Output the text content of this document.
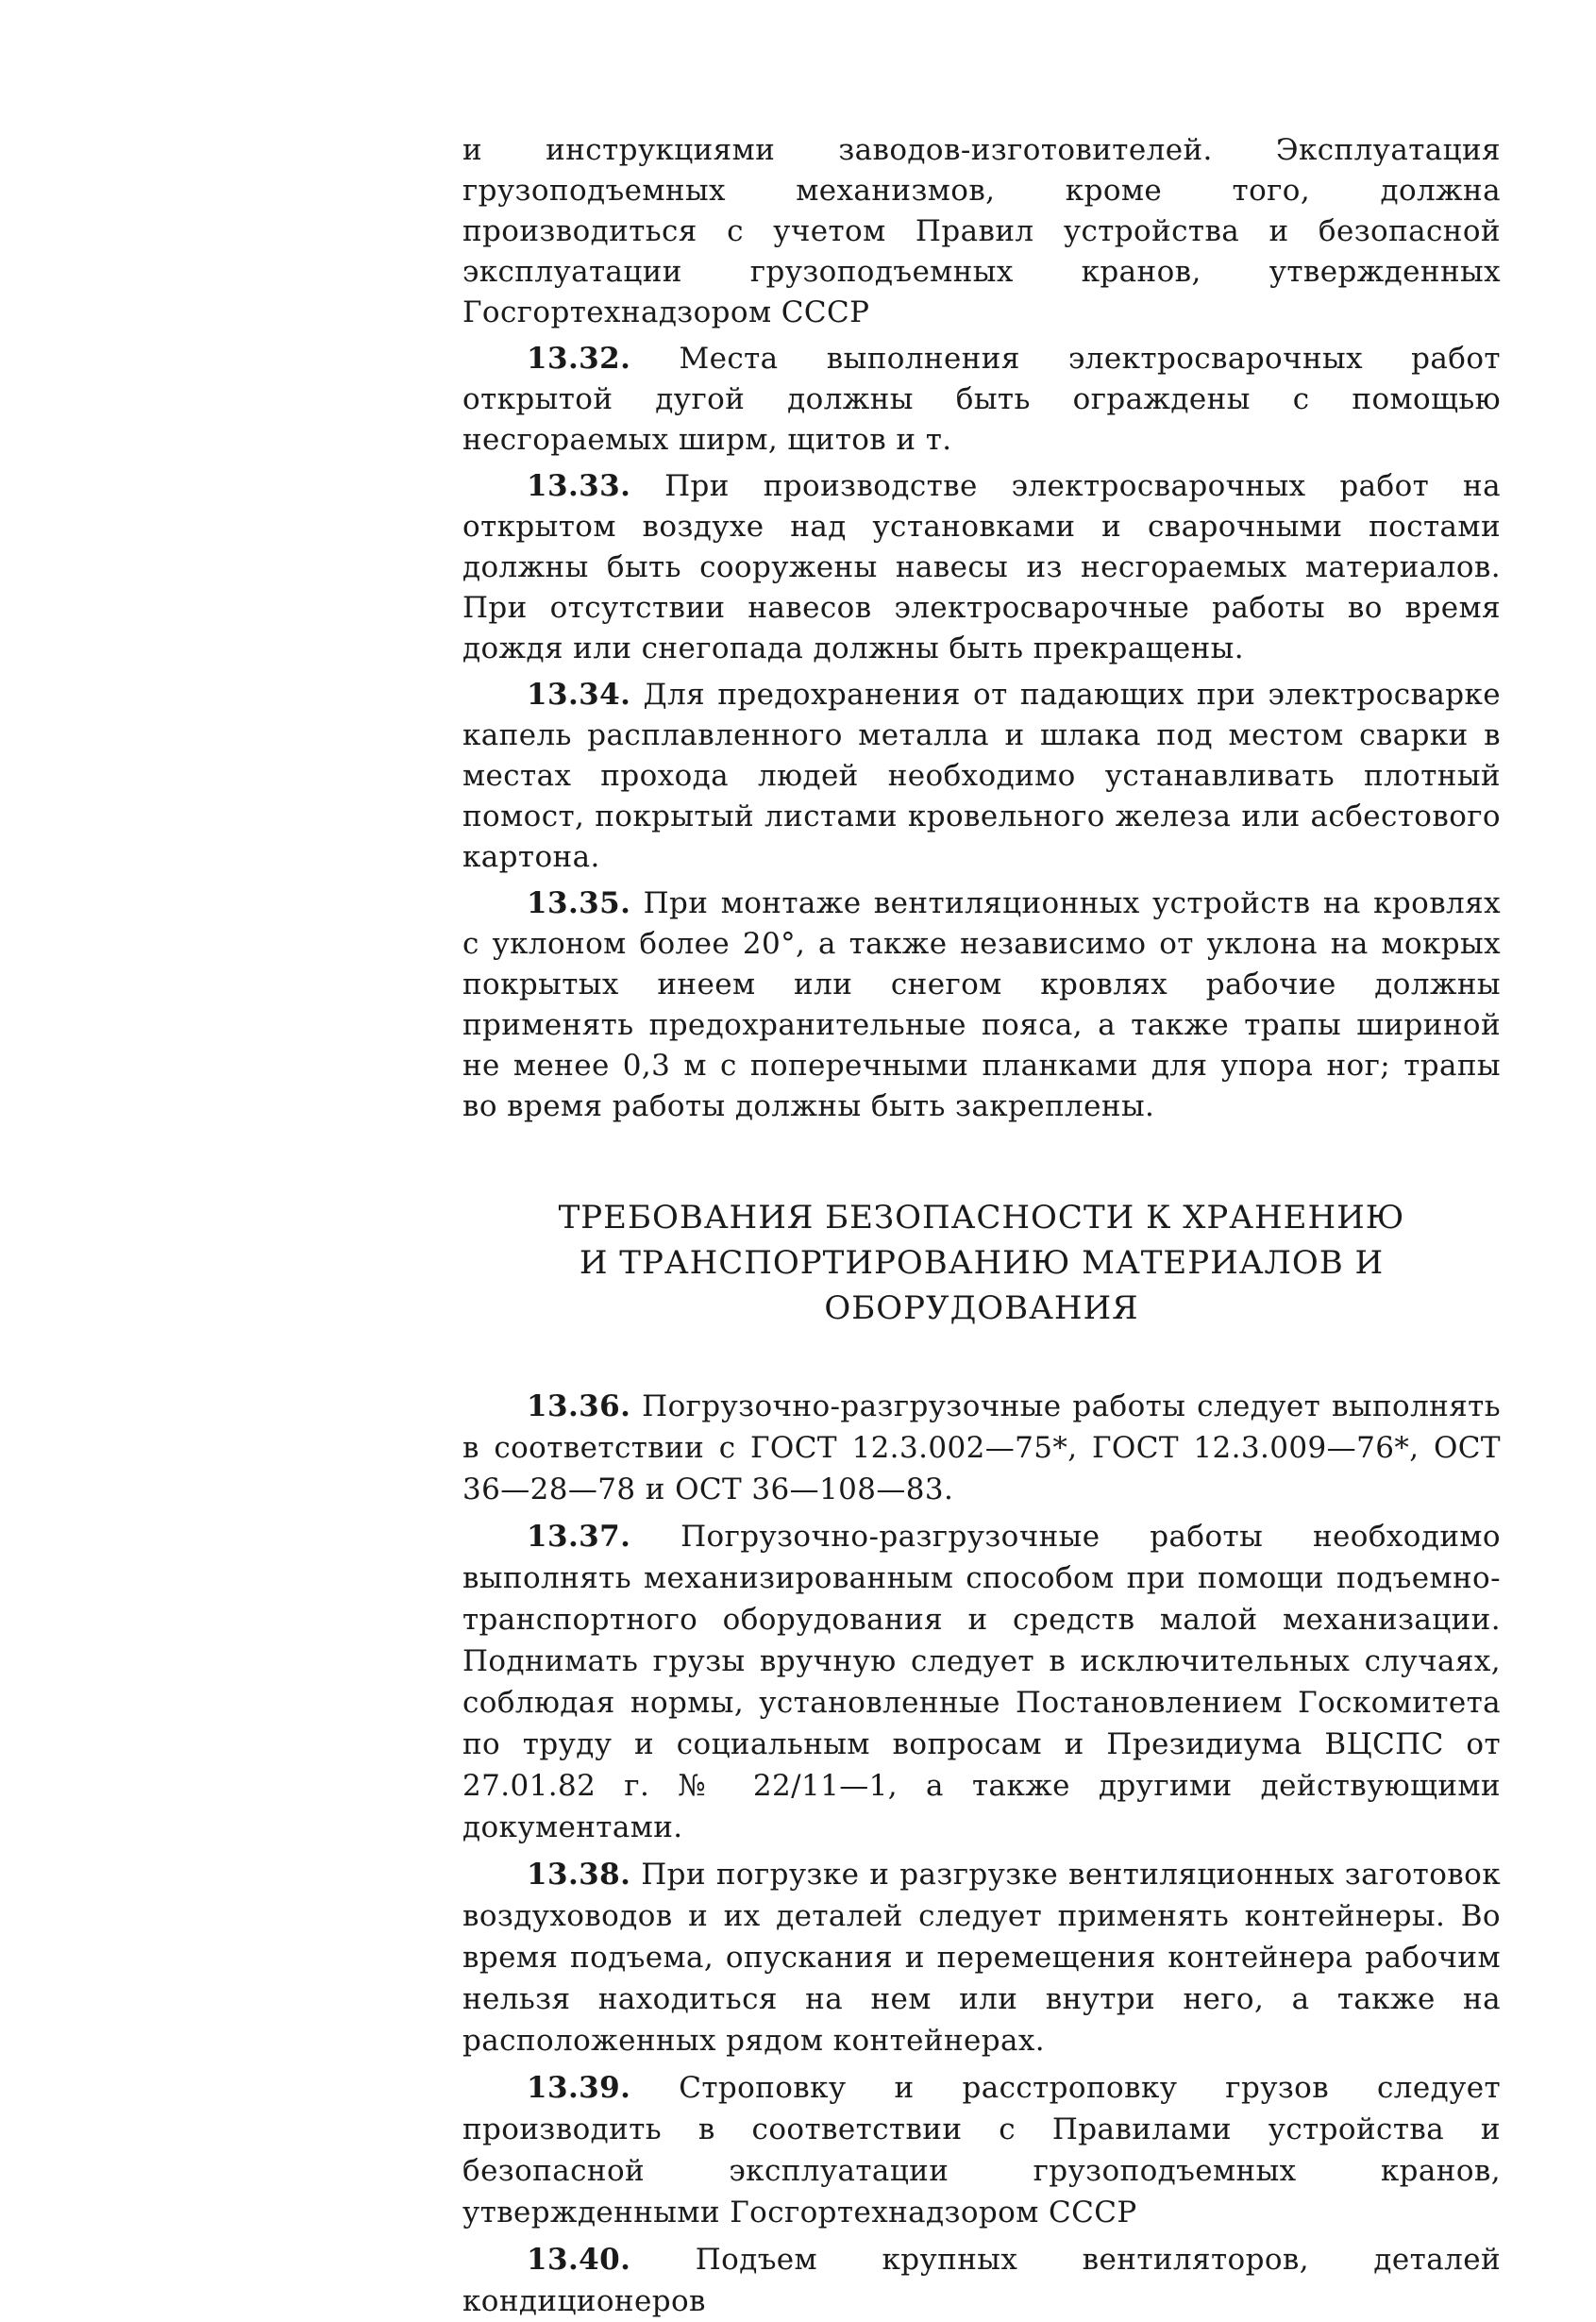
и инструкциями заводов-изготовителей. Эксплуатация грузоподъемных механизмов, кроме того, должна производиться с учетом Правил устройства и безопасной эксплуатации грузоподъемных кранов, утвержденных Госгортехнадзором СССР

13.32. Места выполнения электросварочных работ открытой дугой должны быть ограждены с помощью несгораемых ширм, щитов и т.

13.33. При производстве электросварочных работ на открытом воздухе над установками и сварочными постами должны быть сооружены навесы из несгораемых материалов. При отсутствии навесов электросварочные работы во время дождя или снегопада должны быть прекращены.

13.34. Для предохранения от падающих при электросварке капель расплавленного металла и шлака под местом сварки в местах прохода людей необходимо устанавливать плотный помост, покрытый листами кровельного железа или асбестового картона.

13.35. При монтаже вентиляционных устройств на кровлях с уклоном более 20°, а также независимо от уклона на мокрых покрытых инеем или снегом кровлях рабочие должны применять предохранительные пояса, а также трапы шириной не менее 0,3 м с поперечными планками для упора ног; трапы во время работы должны быть закреплены.

ТРЕБОВАНИЯ БЕЗОПАСНОСТИ К ХРАНЕНИЮ
И ТРАНСПОРТИРОВАНИЮ МАТЕРИАЛОВ И ОБОРУДОВАНИЯ

13.36. Погрузочно-разгрузочные работы следует выполнять в соответствии с ГОСТ 12.3.002—75*, ГОСТ 12.3.009—76*, ОСТ 36—28—78 и ОСТ 36—108—83.

13.37. Погрузочно-разгрузочные работы необходимо выполнять механизированным способом при помощи подъемно-транспортного оборудования и средств малой механизации. Поднимать грузы вручную следует в исключительных случаях, соблюдая нормы, установленные Постановлением Госкомитета по труду и социальным вопросам и Президиума ВЦСПС от 27.01.82 г. № 22/11—1, а также другими действующими документами.

13.38. При погрузке и разгрузке вентиляционных заготовок воздуховодов и их деталей следует применять контейнеры. Во время подъема, опускания и перемещения контейнера рабочим нельзя находиться на нем или внутри него, а также на расположенных рядом контейнерах.

13.39. Строповку и расстроповку грузов следует производить в соответствии с Правилами устройства и безопасной эксплуатации грузоподъемных кранов, утвержденными Госгортехнадзором СССР

13.40. Подъем крупных вентиляторов, деталей кондиционеров
